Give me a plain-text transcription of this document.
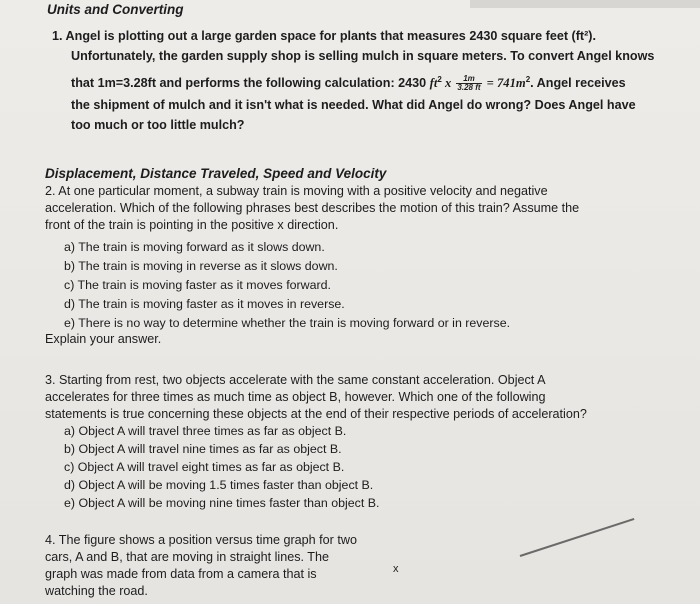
Units and Converting
1. Angel is plotting out a large garden space for plants that measures 2430 square feet (ft²).
Unfortunately, the garden supply shop is selling mulch in square meters. To convert Angel knows
that 1m=3.28ft and performs the following calculation: 2430 $ft^2$ x $\frac{1m}{3.28 ft} = 741m^2$. Angel receives
the shipment of mulch and it isn't what is needed. What did Angel do wrong? Does Angel have
too much or too little mulch?
Displacement, Distance Traveled, Speed and Velocity
2. At one particular moment, a subway train is moving with a positive velocity and negative
acceleration. Which of the following phrases best describes the motion of this train? Assume the
front of the train is pointing in the positive x direction.
a) The train is moving forward as it slows down.
b) The train is moving in reverse as it slows down.
c) The train is moving faster as it moves forward.
d) The train is moving faster as it moves in reverse.
e) There is no way to determine whether the train is moving forward or in reverse.
Explain your answer.
3. Starting from rest, two objects accelerate with the same constant acceleration. Object A
accelerates for three times as much time as object B, however. Which one of the following
statements is true concerning these objects at the end of their respective periods of acceleration?
a) Object A will travel three times as far as object B.
b) Object A will travel nine times as far as object B.
c) Object A will travel eight times as far as object B.
d) Object A will be moving 1.5 times faster than object B.
e) Object A will be moving nine times faster than object B.
4. The figure shows a position versus time graph for two
cars, A and B, that are moving in straight lines. The
graph was made from data from a camera that is
watching the road.
x
